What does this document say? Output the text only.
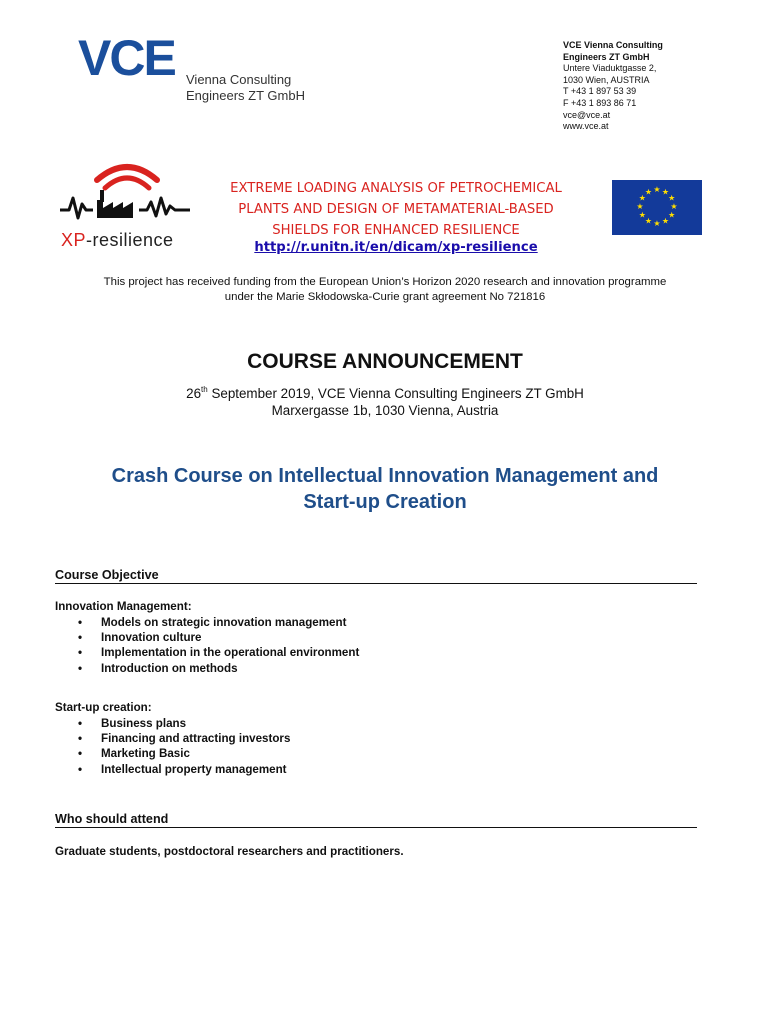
VCE Vienna Consulting
Engineers ZT GmbH
VCE Vienna Consulting
Engineers ZT GmbH
Untere Viaduktgasse 2,
1030 Wien, AUSTRIA
T +43 1 897 53 39
F +43 1 893 86 71
vce@vce.at
www.vce.at
XP-resilience
EXTREME LOADING ANALYSIS OF PETROCHEMICAL
PLANTS AND DESIGN OF METAMATERIAL-BASED
SHIELDS FOR ENHANCED RESILIENCE
http://r.unitn.it/en/dicam/xp-resilience
★ ★
★
★
★
★
★
★
★
★
★
★
This project has received funding from the European Union’s Horizon 2020 research and innovation programme
under the Marie Skłodowska-Curie grant agreement No 721816
COURSE ANNOUNCEMENT
26th September 2019, VCE Vienna Consulting Engineers ZT GmbH
Marxergasse 1b, 1030 Vienna, Austria
Crash Course on Intellectual Innovation Management and
Start-up Creation
Course Objective
Innovation Management:
• Models on strategic innovation management
• Innovation culture
• Implementation in the operational environment
• Introduction on methods
Start-up creation:
• Business plans
• Financing and attracting investors
• Marketing Basic
• Intellectual property management
Who should attend
Graduate students, postdoctoral researchers and practitioners.
